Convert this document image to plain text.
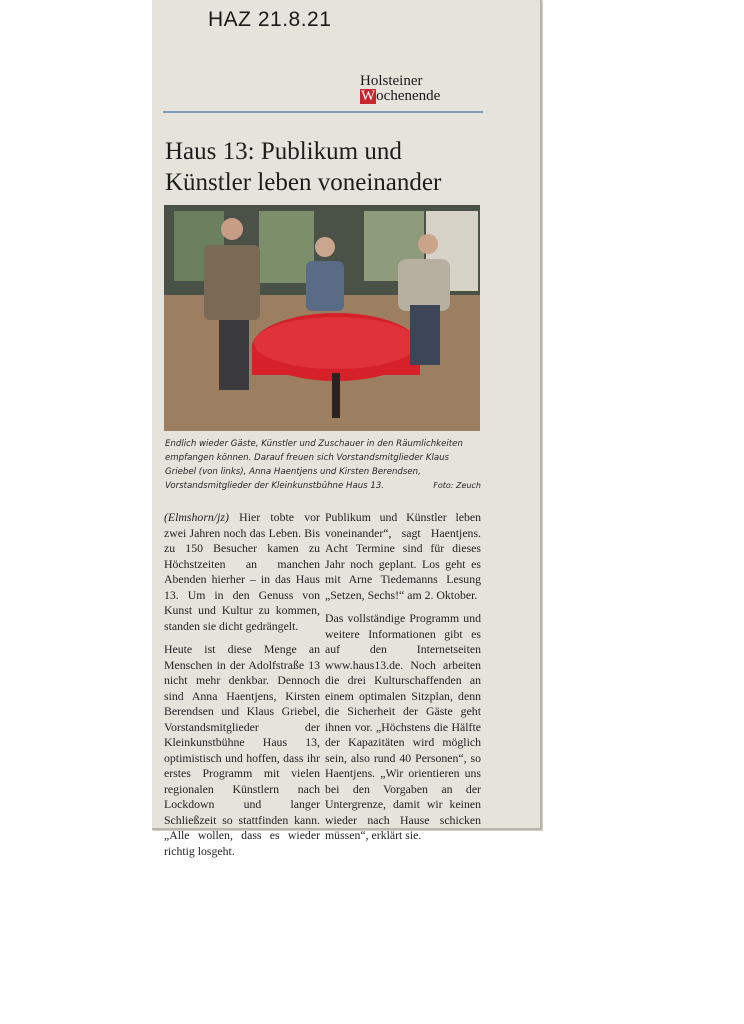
HAZ 21.8.21
Holsteiner
Wochenende
Haus 13: Publikum und Künstler leben voneinander
Endlich wieder Gäste, Künstler und Zuschauer in den Räumlichkeiten empfangen können. Darauf freuen sich Vorstandsmitglieder Klaus Griebel (von links), Anna Haentjens und Kirsten Berendsen, Vorstandsmitglieder der Kleinkunstbühne Haus 13.	Foto: Zeuch

(Elmshorn/jz) Hier tobte vor zwei Jahren noch das Leben. Bis zu 150 Besucher kamen zu Höchstzeiten an manchen Abenden hierher – in das Haus 13. Um in den Genuss von Kunst und Kultur zu kommen, standen sie dicht gedrängelt.

Heute ist diese Menge an Menschen in der Adolfstraße 13 nicht mehr denkbar. Dennoch sind Anna Haentjens, Kirsten Berendsen und Klaus Griebel, Vorstandsmitglieder der Kleinkunstbühne Haus 13, optimistisch und hoffen, dass ihr erstes Programm mit vielen regionalen Künstlern nach Lockdown und langer Schließzeit so stattfinden kann. „Alle wollen, dass es wieder richtig losgeht.

Publikum und Künstler leben voneinander“, sagt Haentjens. Acht Termine sind für dieses Jahr noch geplant. Los geht es mit Arne Tiedemanns Lesung „Setzen, Sechs!“ am 2. Oktober.

Das vollständige Programm und weitere Informationen gibt es auf den Internetseiten www.haus13.de. Noch arbeiten die drei Kulturschaffenden an einem optimalen Sitzplan, denn die Sicherheit der Gäste geht ihnen vor. „Höchstens die Hälfte der Kapazitäten wird möglich sein, also rund 40 Personen“, so Haentjens. „Wir orientieren uns bei den Vorgaben an der Untergrenze, damit wir keinen wieder nach Hause schicken müssen“, erklärt sie.
